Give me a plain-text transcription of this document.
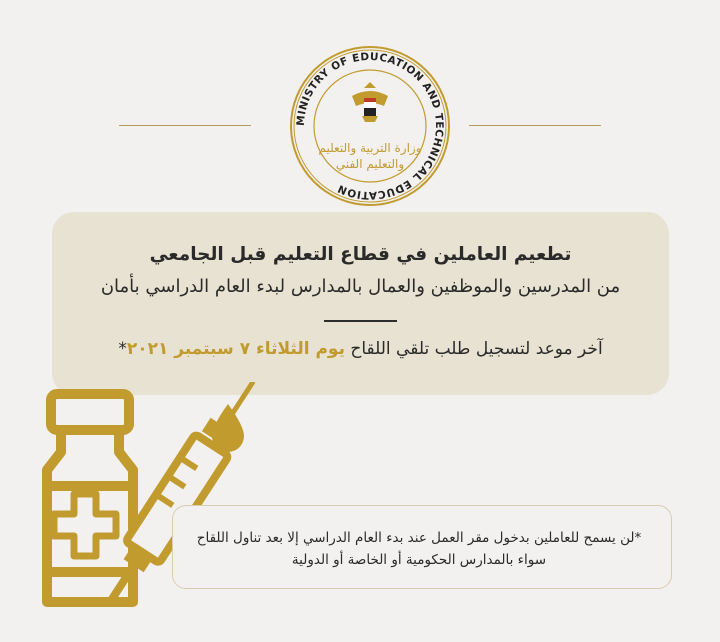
MINISTRY OF EDUCATION AND TECHNICAL EDUCATION
وزارة التربية والتعليم
والتعليم الفني
تطعيم العاملين في قطاع التعليم قبل الجامعي
من المدرسين والموظفين والعمال بالمدارس لبدء العام الدراسي بأمان
آخر موعد لتسجيل طلب تلقي اللقاح يوم الثلاثاء ٧ سبتمبر ٢٠٢١*
*لن يسمح للعاملين بدخول مقر العمل عند بدء العام الدراسي إلا بعد تناول اللقاح
سواء بالمدارس الحكومية أو الخاصة أو الدولية
